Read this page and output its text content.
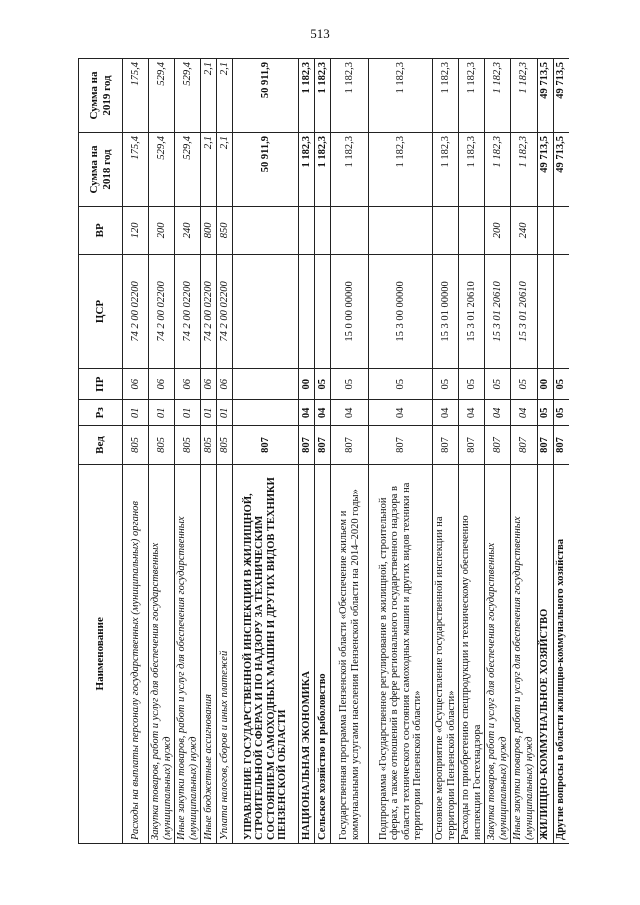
513
Наименование	Вед	Рз	ПР	ЦСР	ВР	Сумма на 2018 год	Сумма на 2019 год
Расходы на выплаты персоналу государственных (муниципальных) органов	805	01	06	74 2 00 02200	120	175,4	175,4
Закупка товаров, работ и услуг для обеспечения государственных (муниципальных) нужд	805	01	06	74 2 00 02200	200	529,4	529,4
Иные закупки товаров, работ и услуг для обеспечения государственных (муниципальных) нужд	805	01	06	74 2 00 02200	240	529,4	529,4
Иные бюджетные ассигнования	805	01	06	74 2 00 02200	800	2,1	2,1
Уплата налогов, сборов и иных платежей	805	01	06	74 2 00 02200	850	2,1	2,1
УПРАВЛЕНИЕ ГОСУДАРСТВЕННОЙ ИНСПЕКЦИИ В ЖИЛИЩНОЙ, СТРОИТЕЛЬНОЙ СФЕРАХ И ПО НАДЗОРУ ЗА ТЕХНИЧЕСКИМ СОСТОЯНИЕМ САМОХОДНЫХ МАШИН И ДРУГИХ ВИДОВ ТЕХНИКИ ПЕНЗЕНСКОЙ ОБЛАСТИ	807					50 911,9	50 911,9
НАЦИОНАЛЬНАЯ ЭКОНОМИКА	807	04	00			1 182,3	1 182,3
Сельское хозяйство и рыболовство	807	04	05			1 182,3	1 182,3
Государственная программа Пензенской области «Обеспечение жильем и коммунальными услугами населения Пензенской области на 2014–2020 годы»	807	04	05	15 0 00 00000		1 182,3	1 182,3
Подпрограмма «Государственное регулирование в жилищной, строительной сферах, а также отношений в сфере регионального государственного надзора в области технического состояния самоходных машин и других видов техники на территории Пензенской области»	807	04	05	15 3 00 00000		1 182,3	1 182,3
Основное мероприятие «Осуществление государственной инспекции на территории Пензенской области»	807	04	05	15 3 01 00000		1 182,3	1 182,3
Расходы по приобретению спецпродукции и техническому обеспечению инспекции Гостехнадзора	807	04	05	15 3 01 20610		1 182,3	1 182,3
Закупка товаров, работ и услуг для обеспечения государственных (муниципальных) нужд	807	04	05	15 3 01 20610	200	1 182,3	1 182,3
Иные закупки товаров, работ и услуг для обеспечения государственных (муниципальных) нужд	807	04	05	15 3 01 20610	240	1 182,3	1 182,3
ЖИЛИЩНО-КОММУНАЛЬНОЕ ХОЗЯЙСТВО	807	05	00			49 713,5	49 713,5
Другие вопросы в области жилищно-коммунального хозяйства	807	05	05			49 713,5	49 713,5
